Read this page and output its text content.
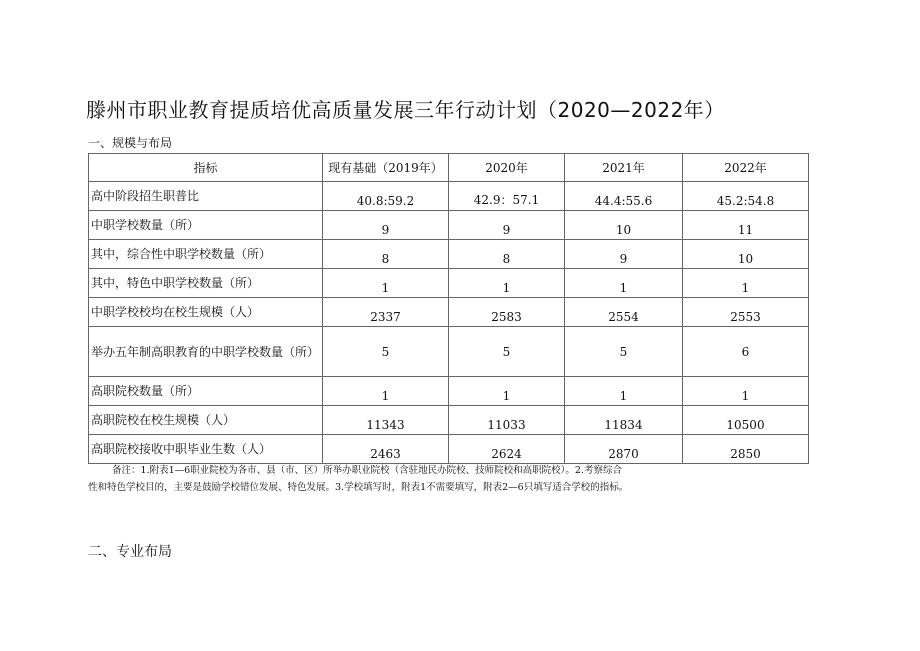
滕州市职业教育提质培优高质量发展三年行动计划（2020—2022年）
一、规模与布局
指标	现有基础（2019年）	2020年	2021年	2022年
高中阶段招生职普比	40.8:59.2	42.9：57.1	44.4:55.6	45.2:54.8
中职学校数量（所）	9	9	10	11
其中，综合性中职学校数量（所）	8	8	9	10
其中，特色中职学校数量（所）	1	1	1	1
中职学校校均在校生规模（人）	2337	2583	2554	2553
举办五年制高职教育的中职学校数量（所）	5	5	5	6
高职院校数量（所）	1	1	1	1
高职院校在校生规模（人）	11343	11033	11834	10500
高职院校接收中职毕业生数（人）	2463	2624	2870	2850
备注：1.附表1—6职业院校为各市、县（市、区）所举办职业院校（含驻地民办院校、技师院校和高职院校）。2.考察综合
性和特色学校目的，主要是鼓励学校错位发展、特色发展。3.学校填写时，附表1不需要填写，附表2—6只填写适合学校的指标。
二、专业布局
